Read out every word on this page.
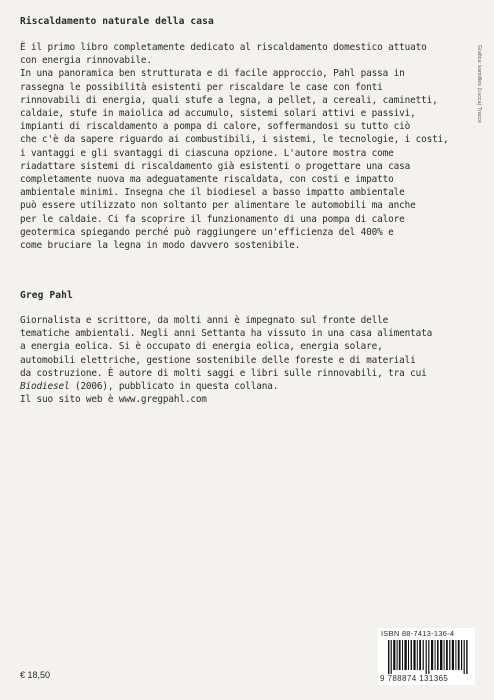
Riscaldamento naturale della casa
È il primo libro completamente dedicato al riscaldamento domestico attuato
con energia rinnovabile.
In una panoramica ben strutturata e di facile approccio, Pahl passa in
rassegna le possibilità esistenti per riscaldare le case con fonti
rinnovabili di energia, quali stufe a legna, a pellet, a cereali, caminetti,
caldaie, stufe in maiolica ad accumulo, sistemi solari attivi e passivi,
impianti di riscaldamento a pompa di calore, soffermandosi su tutto ciò
che c'è da sapere riguardo ai combustibili, i sistemi, le tecnologie, i costi,
i vantaggi e gli svantaggi di ciascuna opzione. L'autore mostra come
riadattare sistemi di riscaldamento già esistenti o progettare una casa
completamente nuova ma adeguatamente riscaldata, con costi e impatto
ambientale minimi. Insegna che il biodiesel a basso impatto ambientale
può essere utilizzato non soltanto per alimentare le automobili ma anche
per le caldaie. Ci fa scoprire il funzionamento di una pompa di calore
geotermica spiegando perché può raggiungere un'efficienza del 400% e
come bruciare la legna in modo davvero sostenibile.
Greg Pahl
Giornalista e scrittore, da molti anni è impegnato sul fronte delle
tematiche ambientali. Negli anni Settanta ha vissuto in una casa alimentata
a energia eolica. Si è occupato di energia eolica, energia solare,
automobili elettriche, gestione sostenibile delle foreste e di materiali
da costruzione. È autore di molti saggi e libri sulle rinnovabili, tra cui
Biodiesel (2006), pubblicato in questa collana.
Il suo sito web è www.gregpahl.com
Grafica: kamillies (Lucca) Tracce
ISBN 88-7413-136-4
9 788874 131365
€ 18,50
